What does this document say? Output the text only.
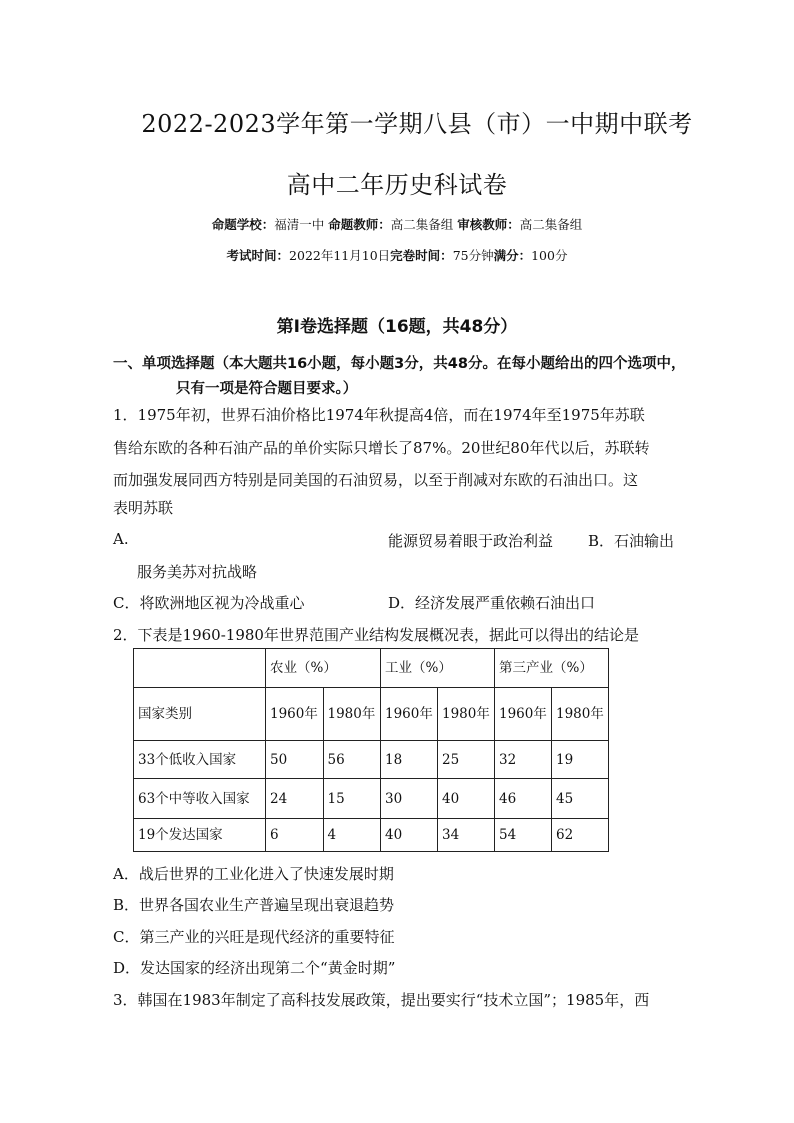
2022-2023学年第一学期八县（市）一中期中联考
高中二年历史科试卷
命题学校：福清一中 命题教师：高二集备组 审核教师：高二集备组
考试时间：2022年11月10日完卷时间：75分钟满分：100分
第Ⅰ卷选择题（16题，共48分）
一、单项选择题（本大题共16小题，每小题3分，共48分。在每小题给出的四个选项中，
只有一项是符合题目要求。）
1．1975年初，世界石油价格比1974年秋提高4倍，而在1974年至1975年苏联
售给东欧的各种石油产品的单价实际只增长了87%。20世纪80年代以后，苏联转
而加强发展同西方特别是同美国的石油贸易，以至于削减对东欧的石油出口。这
表明苏联
A.	能源贸易着眼于政治利益 B．石油输出
服务美苏对抗战略
C．将欧洲地区视为冷战重心	D．经济发展严重依赖石油出口
2．下表是1960-1980年世界范围产业结构发展概况表，据此可以得出的结论是
	农业（%）		工业（%）		第三产业（%）	
国家类别	1960年	1980年	1960年	1980年	1960年	1980年
33个低收入国家	50	56	18	25	32	19
63个中等收入国家	24	15	30	40	46	45
19个发达国家	6	4	40	34	54	62
A．战后世界的工业化进入了快速发展时期
B．世界各国农业生产普遍呈现出衰退趋势
C．第三产业的兴旺是现代经济的重要特征
D．发达国家的经济出现第二个“黄金时期”
3．韩国在1983年制定了高科技发展政策，提出要实行“技术立国”；1985年，西
